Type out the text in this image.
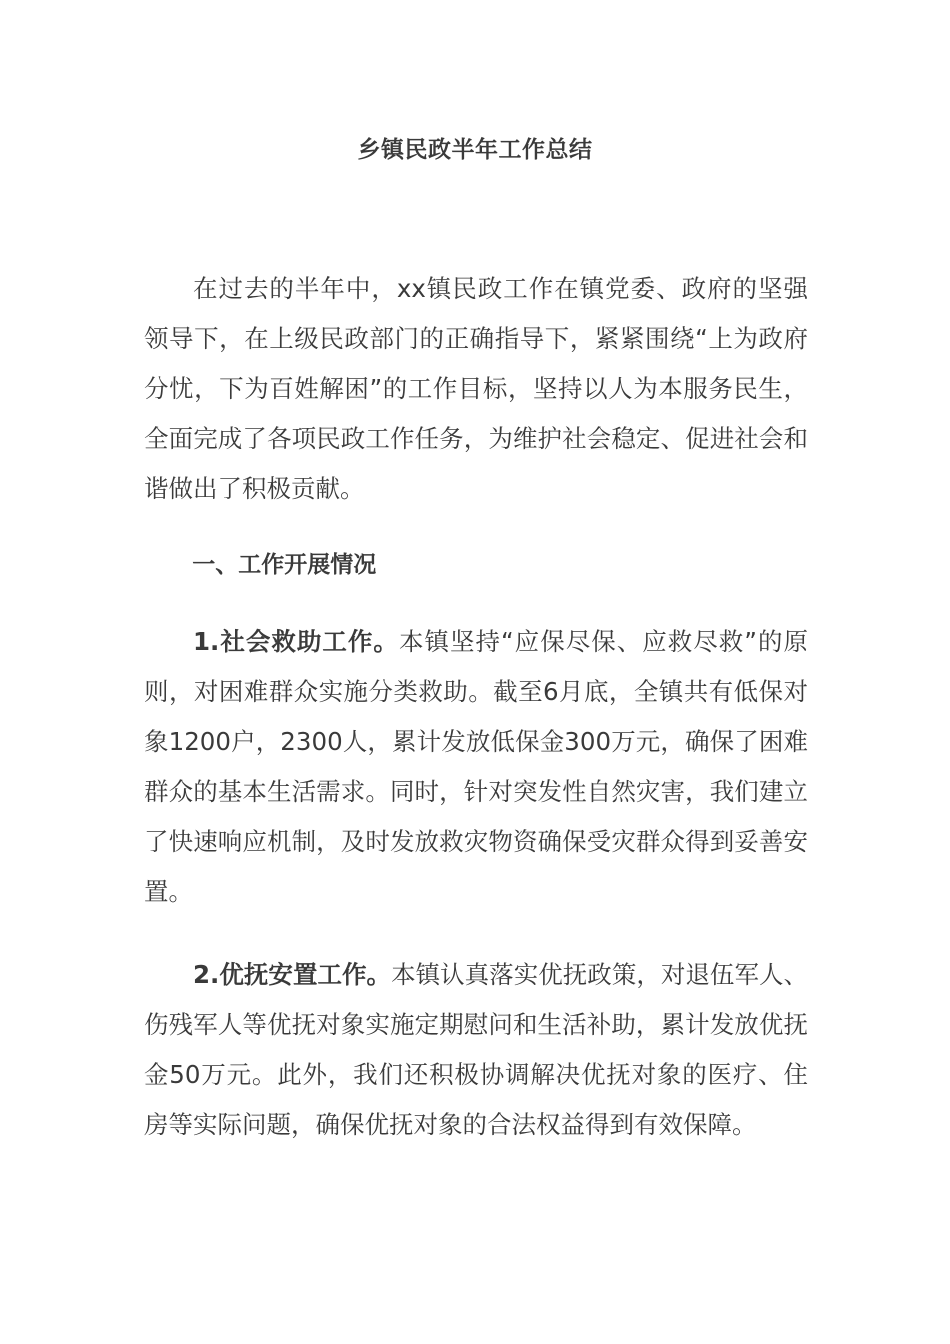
乡镇民政半年工作总结

在过去的半年中，xx镇民政工作在镇党委、政府的坚强领导下，在上级民政部门的正确指导下，紧紧围绕“上为政府分忧，下为百姓解困”的工作目标，坚持以人为本服务民生，全面完成了各项民政工作任务，为维护社会稳定、促进社会和谐做出了积极贡献。

一、工作开展情况

1.社会救助工作。本镇坚持“应保尽保、应救尽救”的原则，对困难群众实施分类救助。截至6月底，全镇共有低保对象1200户，2300人，累计发放低保金300万元，确保了困难群众的基本生活需求。同时，针对突发性自然灾害，我们建立了快速响应机制，及时发放救灾物资确保受灾群众得到妥善安置。

2.优抚安置工作。本镇认真落实优抚政策，对退伍军人、伤残军人等优抚对象实施定期慰问和生活补助，累计发放优抚金50万元。此外，我们还积极协调解决优抚对象的医疗、住房等实际问题，确保优抚对象的合法权益得到有效保障。
